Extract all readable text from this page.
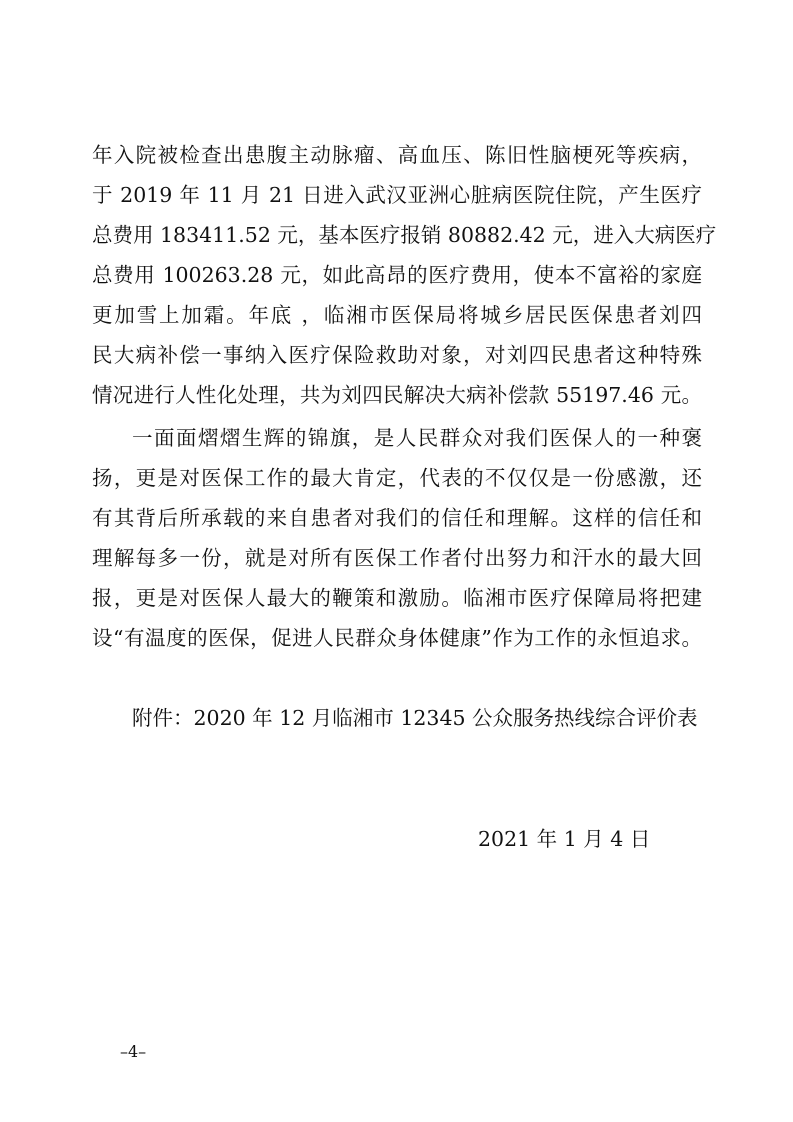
年入院被检查出患腹主动脉瘤、高血压、陈旧性脑梗死等疾病，
于 2019 年 11 月 21 日进入武汉亚洲心脏病医院住院，产生医疗
总费用 183411.52 元，基本医疗报销 80882.42 元，进入大病医疗
总费用 100263.28 元，如此高昂的医疗费用，使本不富裕的家庭
更加雪上加霜。年底 ，临湘市医保局将城乡居民医保患者刘四
民大病补偿一事纳入医疗保险救助对象，对刘四民患者这种特殊
情况进行人性化处理，共为刘四民解决大病补偿款 55197.46 元。
一面面熠熠生辉的锦旗，是人民群众对我们医保人的一种褒
扬，更是对医保工作的最大肯定，代表的不仅仅是一份感激，还
有其背后所承载的来自患者对我们的信任和理解。这样的信任和
理解每多一份，就是对所有医保工作者付出努力和汗水的最大回
报，更是对医保人最大的鞭策和激励。临湘市医疗保障局将把建
设“有温度的医保，促进人民群众身体健康”作为工作的永恒追求。
附件：2020 年 12 月临湘市 12345 公众服务热线综合评价表
2021 年 1 月 4 日
–4–
